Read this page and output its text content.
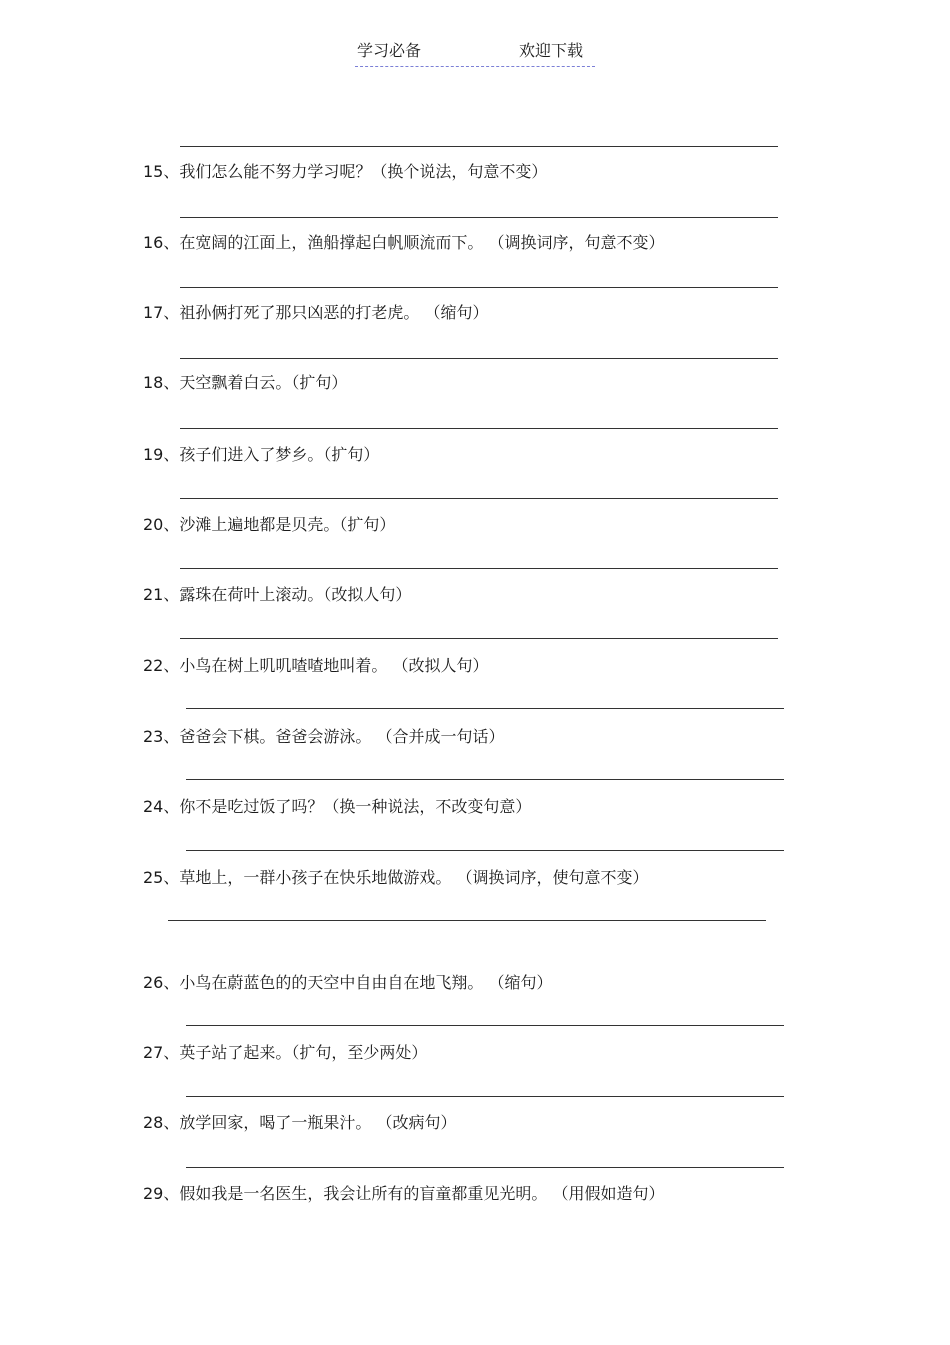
学习必备	欢迎下载
15、我们怎么能不努力学习呢？（换个说法，句意不变）
16、在宽阔的江面上，渔船撑起白帆顺流而下。 （调换词序，句意不变）
17、祖孙俩打死了那只凶恶的打老虎。 （缩句）
18、天空飘着白云。（扩句）
19、孩子们进入了梦乡。（扩句）
20、沙滩上遍地都是贝壳。（扩句）
21、露珠在荷叶上滚动。（改拟人句）
22、小鸟在树上叽叽喳喳地叫着。 （改拟人句）
23、爸爸会下棋。爸爸会游泳。 （合并成一句话）
24、你不是吃过饭了吗？（换一种说法，不改变句意）
25、草地上，一群小孩子在快乐地做游戏。 （调换词序，使句意不变）
26、小鸟在蔚蓝色的的天空中自由自在地飞翔。 （缩句）
27、英子站了起来。（扩句，至少两处）
28、放学回家，喝了一瓶果汁。 （改病句）
29、假如我是一名医生，我会让所有的盲童都重见光明。 （用假如造句）
